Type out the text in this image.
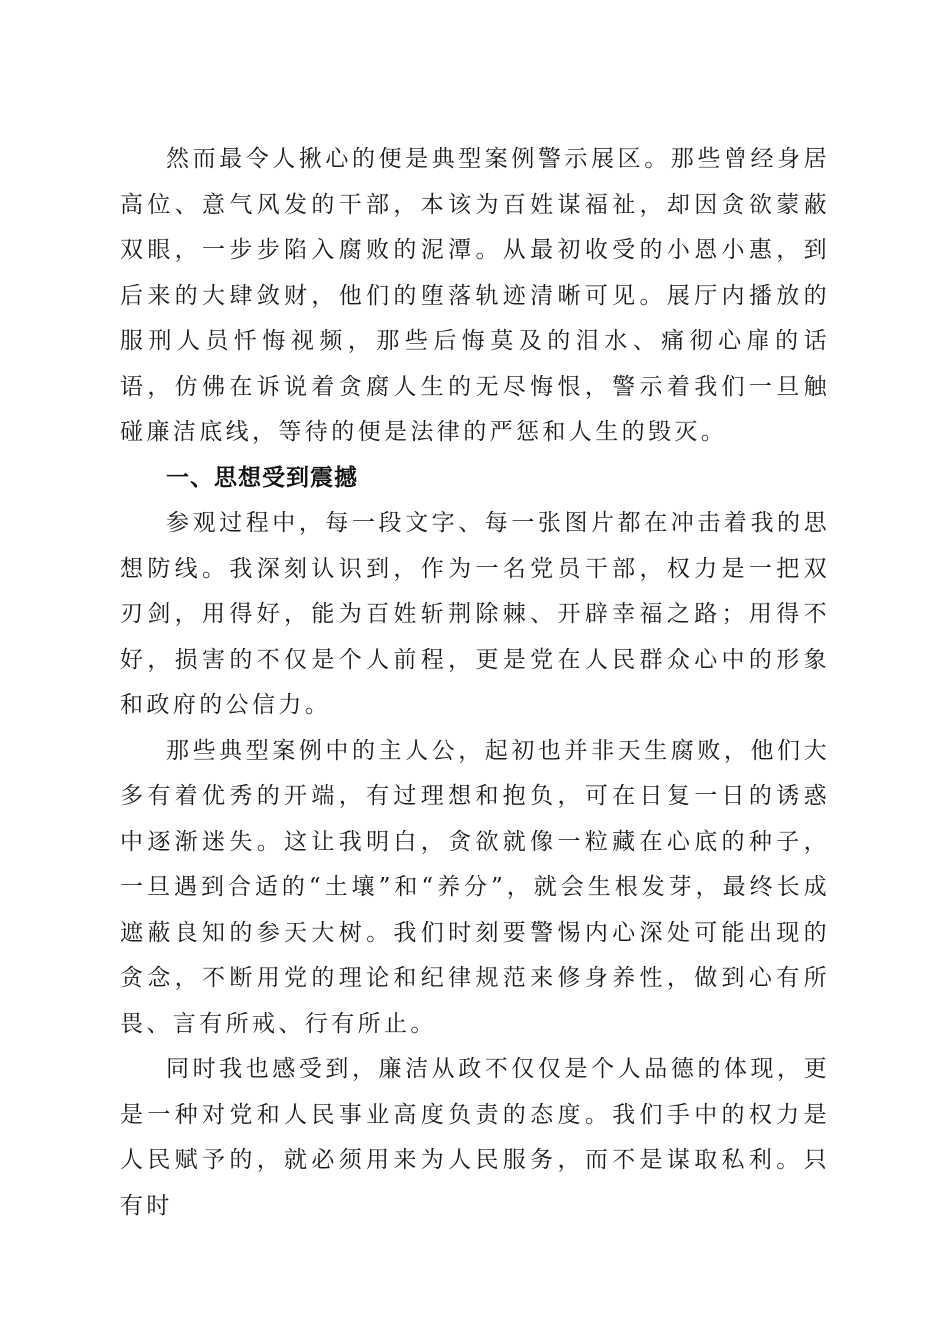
然而最令人揪心的便是典型案例警示展区。那些曾经身居高位、意气风发的干部，本该为百姓谋福祉，却因贪欲蒙蔽双眼，一步步陷入腐败的泥潭。从最初收受的小恩小惠，到后来的大肆敛财，他们的堕落轨迹清晰可见。展厅内播放的服刑人员忏悔视频，那些后悔莫及的泪水、痛彻心扉的话语，仿佛在诉说着贪腐人生的无尽悔恨，警示着我们一旦触碰廉洁底线，等待的便是法律的严惩和人生的毁灭。

一、思想受到震撼

参观过程中，每一段文字、每一张图片都在冲击着我的思想防线。我深刻认识到，作为一名党员干部，权力是一把双刃剑，用得好，能为百姓斩荆除棘、开辟幸福之路；用得不好，损害的不仅是个人前程，更是党在人民群众心中的形象和政府的公信力。

那些典型案例中的主人公，起初也并非天生腐败，他们大多有着优秀的开端，有过理想和抱负，可在日复一日的诱惑中逐渐迷失。这让我明白，贪欲就像一粒藏在心底的种子，一旦遇到合适的“土壤”和“养分”，就会生根发芽，最终长成遮蔽良知的参天大树。我们时刻要警惕内心深处可能出现的贪念，不断用党的理论和纪律规范来修身养性，做到心有所畏、言有所戒、行有所止。

同时我也感受到，廉洁从政不仅仅是个人品德的体现，更是一种对党和人民事业高度负责的态度。我们手中的权力是人民赋予的，就必须用来为人民服务，而不是谋取私利。只有时
